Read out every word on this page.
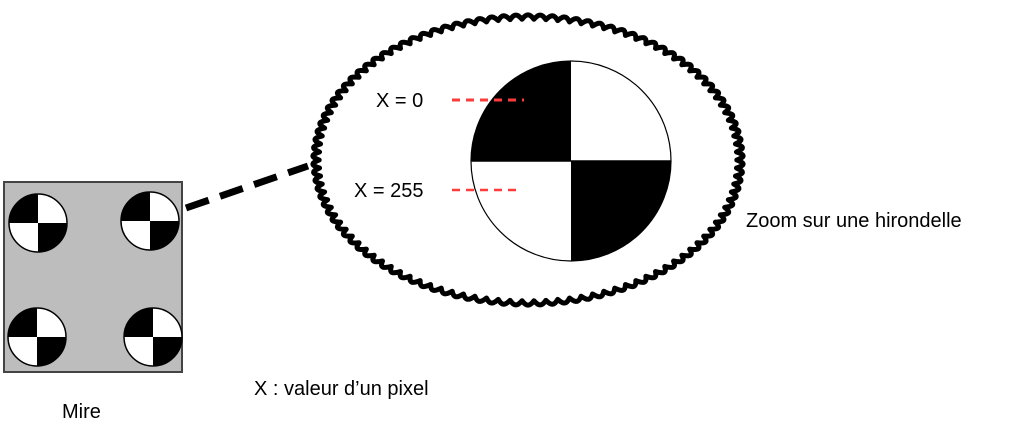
X = 0
X = 255
Zoom sur une hirondelle
Mire
X : valeur d’un pixel
